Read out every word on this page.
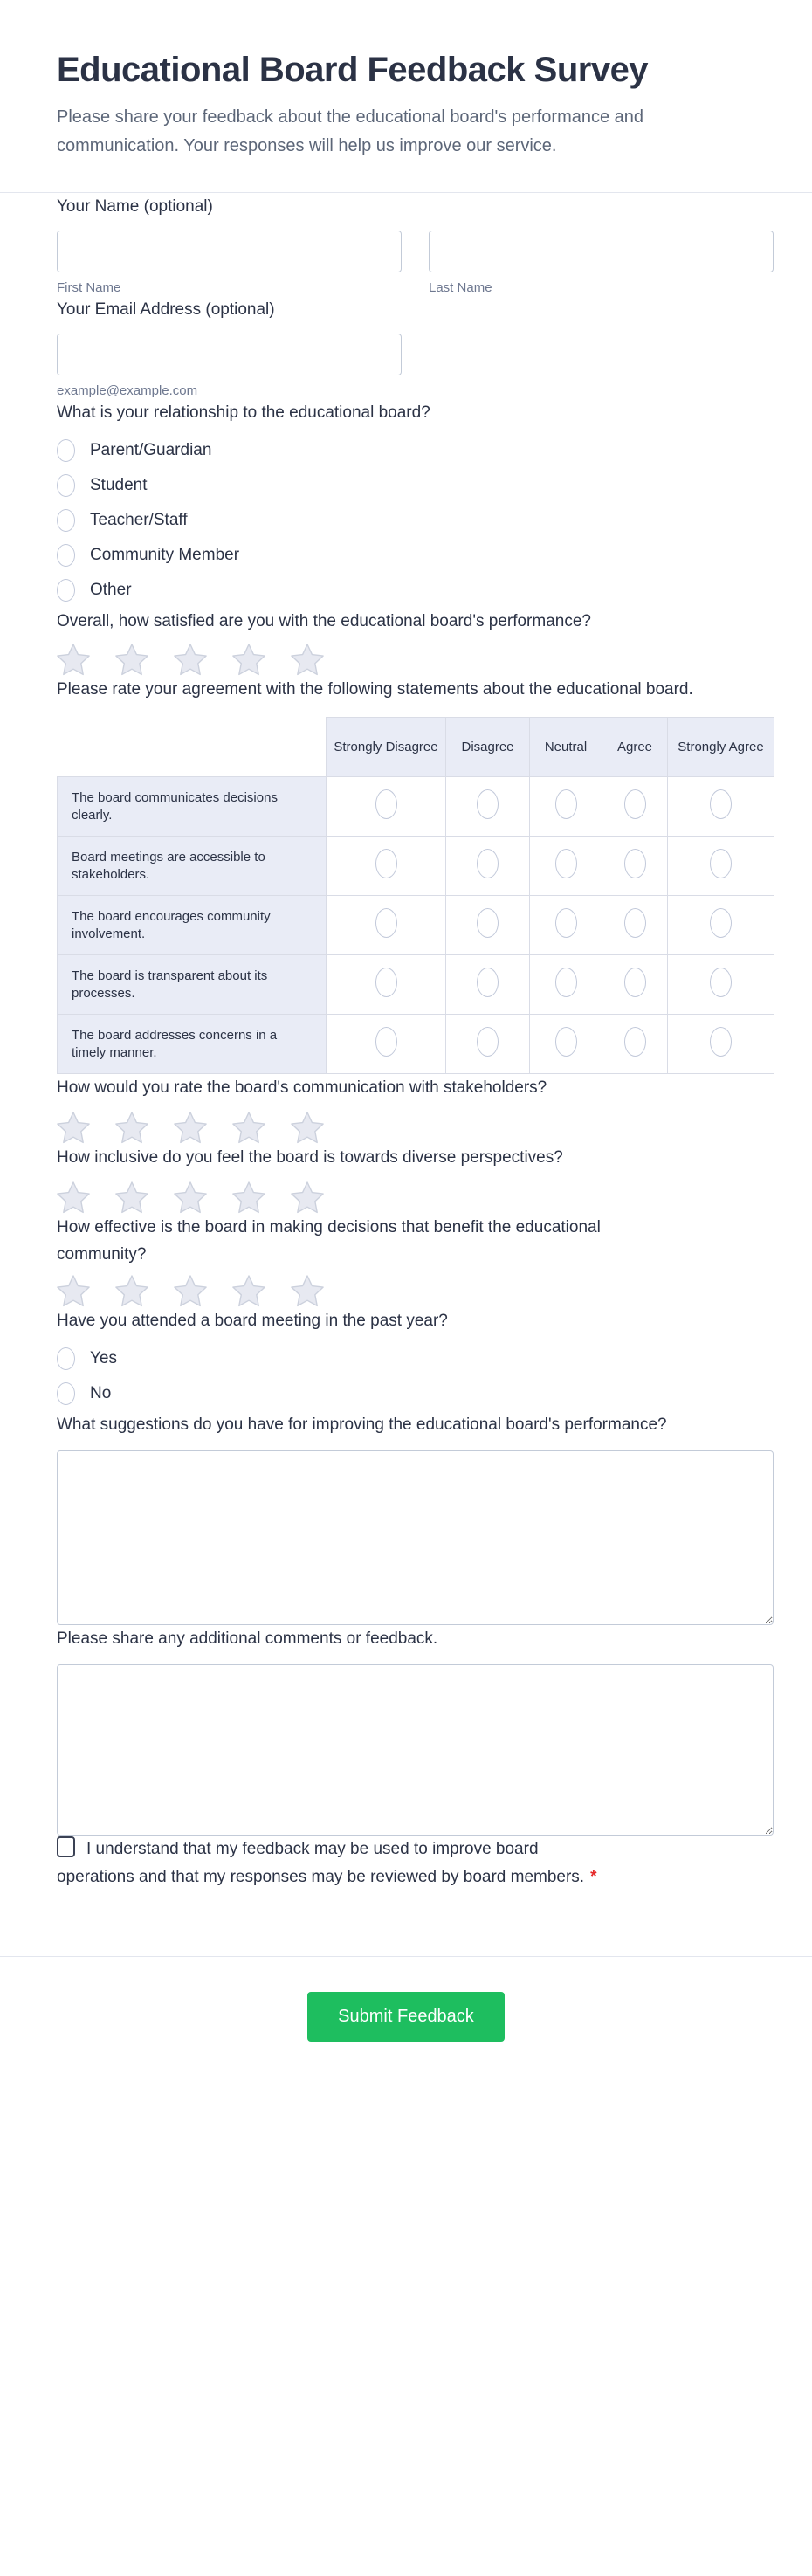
Educational Board Feedback Survey

Please share your feedback about the educational board's performance and communication. Your responses will help us improve our service.

Your Name (optional)
First Name	Last Name
Your Email Address (optional)
example@example.com
What is your relationship to the educational board?
Parent/Guardian
Student
Teacher/Staff
Community Member
Other
Overall, how satisfied are you with the educational board's performance?
Please rate your agreement with the following statements about the educational board.
	Strongly Disagree	Disagree	Neutral	Agree	Strongly Agree
The board communicates decisions clearly.					
Board meetings are accessible to stakeholders.					
The board encourages community involvement.					
The board is transparent about its processes.					
The board addresses concerns in a timely manner.					
How would you rate the board's communication with stakeholders?
How inclusive do you feel the board is towards diverse perspectives?
How effective is the board in making decisions that benefit the educational community?
Have you attended a board meeting in the past year?
Yes
No
What suggestions do you have for improving the educational board's performance?
Please share any additional comments or feedback.
I understand that my feedback may be used to improve board
operations and that my responses may be reviewed by board members. *
Submit Feedback
